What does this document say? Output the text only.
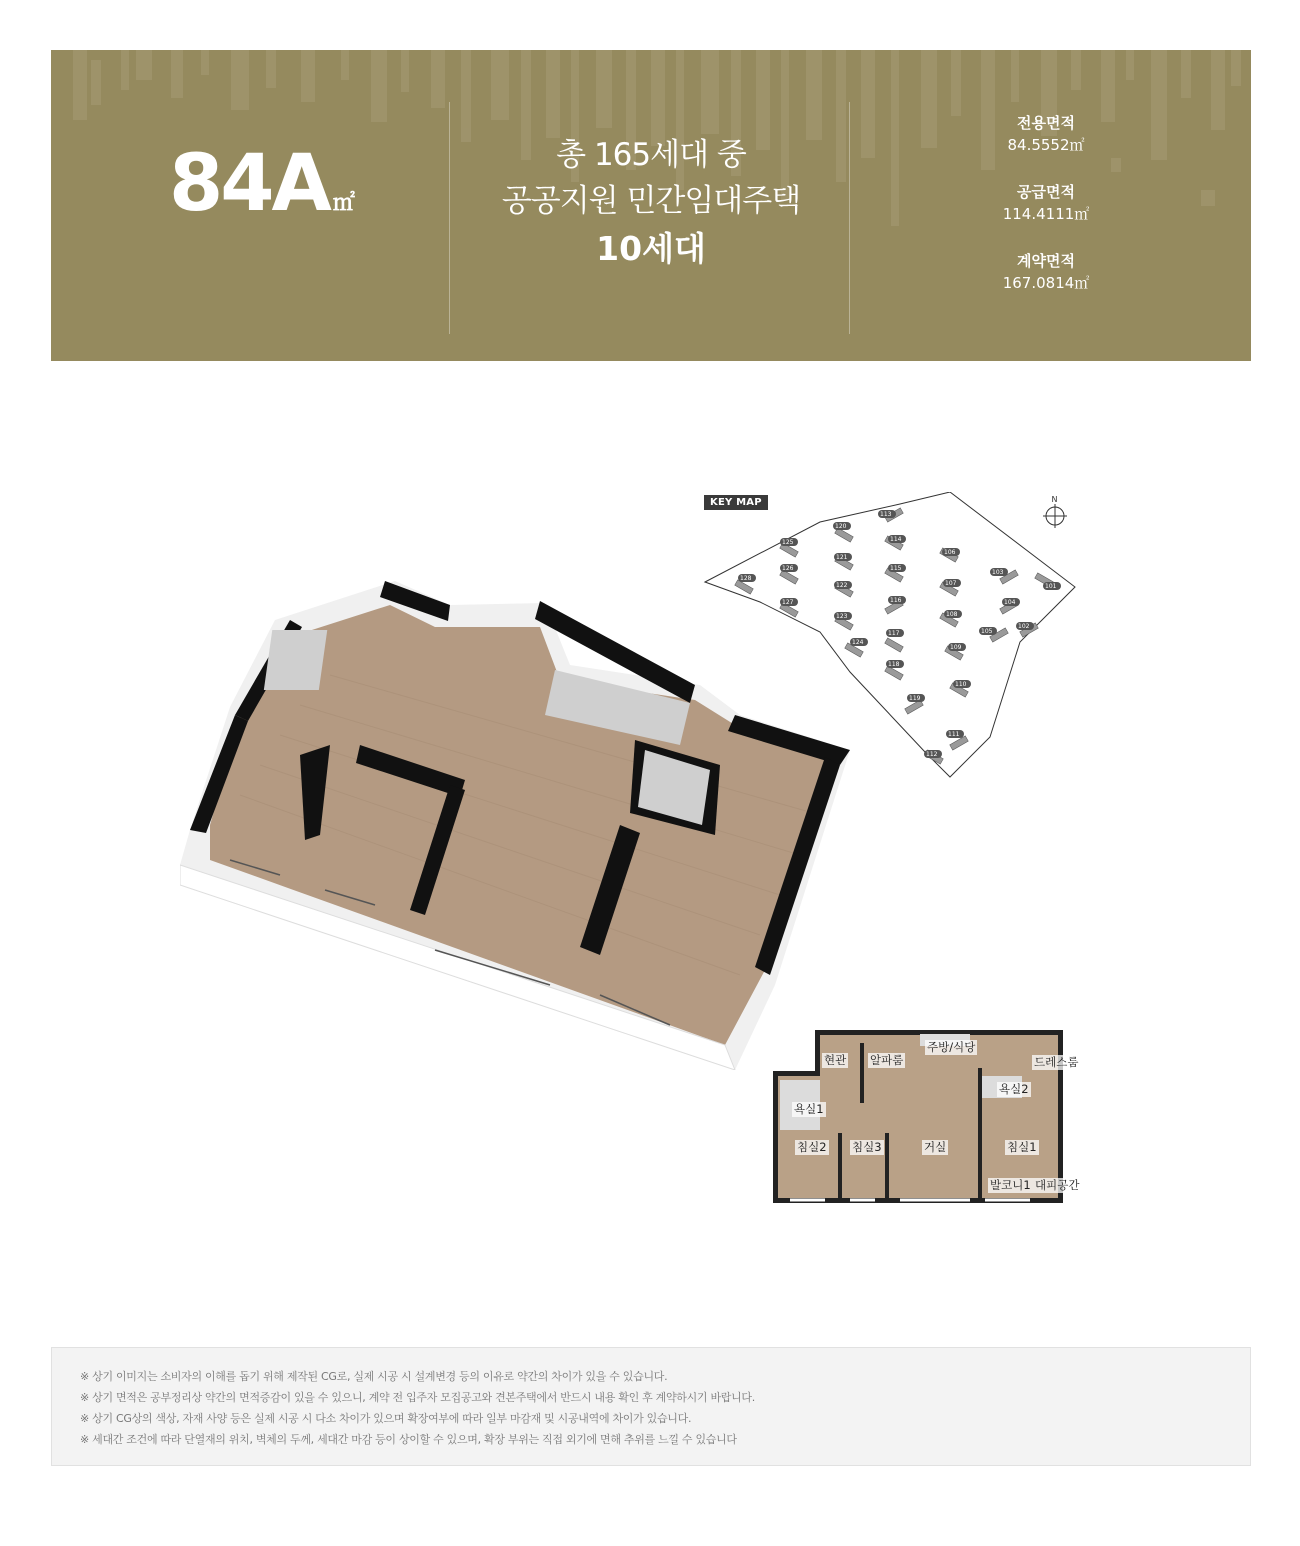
84A ㎡
총 165세대 중
공공지원 민간임대주택
10세대
전용면적
84.5552㎡
공급면적
114.4111㎡
계약면적
167.0814㎡
KEY MAP
113
120
114
125
121
106
126	115
103
128
122	107	101
127	116	104
123	108
102
105
124
117
109
118
110
119
111
112
N
현관 알파룸
주방/식당
드레스룸
욕실1
욕실2
침실2 침실3	거실	침실1
발코니1 대피공간
※ 상기 이미지는 소비자의 이해를 돕기 위해 제작된 CG로, 실제 시공 시 설계변경 등의 이유로 약간의 차이가 있을 수 있습니다.
※ 상기 면적은 공부정리상 약간의 면적증감이 있을 수 있으니, 계약 전 입주자 모집공고와 견본주택에서 반드시 내용 확인 후 계약하시기 바랍니다.
※ 상기 CG상의 색상, 자재 사양 등은 실제 시공 시 다소 차이가 있으며 확장여부에 따라 일부 마감재 및 시공내역에 차이가 있습니다.
※ 세대간 조건에 따라 단열재의 위치, 벽체의 두께, 세대간 마감 등이 상이할 수 있으며, 확장 부위는 직접 외기에 면해 추위를 느낄 수 있습니다
